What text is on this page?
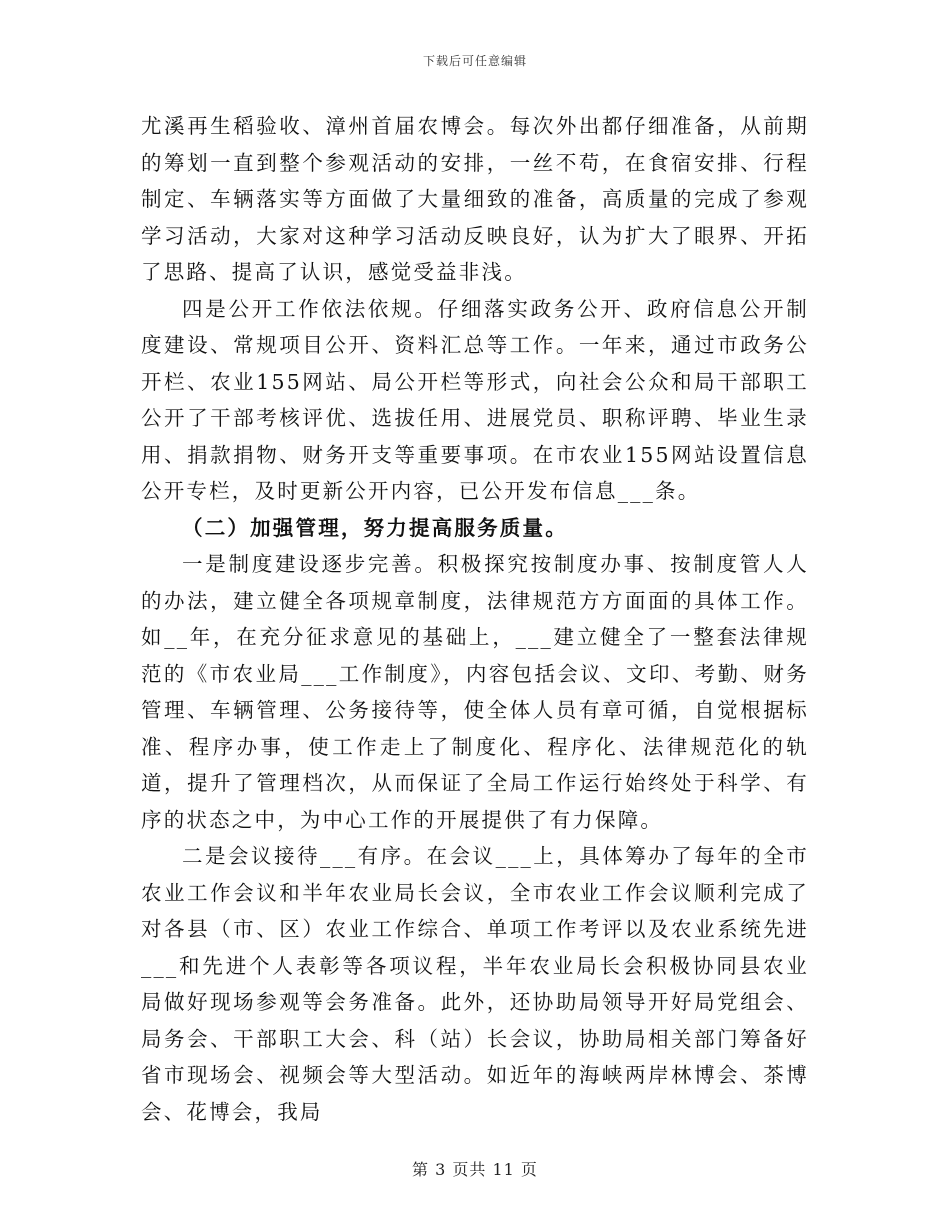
下载后可任意编辑

尤溪再生稻验收、漳州首届农博会。每次外出都仔细准备，从前期的筹划一直到整个参观活动的安排，一丝不苟，在食宿安排、行程制定、车辆落实等方面做了大量细致的准备，高质量的完成了参观学习活动，大家对这种学习活动反映良好，认为扩大了眼界、开拓了思路、提高了认识，感觉受益非浅。

四是公开工作依法依规。仔细落实政务公开、政府信息公开制度建设、常规项目公开、资料汇总等工作。一年来，通过市政务公开栏、农业155网站、局公开栏等形式，向社会公众和局干部职工公开了干部考核评优、选拔任用、进展党员、职称评聘、毕业生录用、捐款捐物、财务开支等重要事项。在市农业155网站设置信息公开专栏，及时更新公开内容，已公开发布信息___条。

（二）加强管理，努力提高服务质量。

一是制度建设逐步完善。积极探究按制度办事、按制度管人人的办法，建立健全各项规章制度，法律规范方方面面的具体工作。如__年，在充分征求意见的基础上，___建立健全了一整套法律规范的《市农业局___工作制度》，内容包括会议、文印、考勤、财务管理、车辆管理、公务接待等，使全体人员有章可循，自觉根据标准、程序办事，使工作走上了制度化、程序化、法律规范化的轨道，提升了管理档次，从而保证了全局工作运行始终处于科学、有序的状态之中，为中心工作的开展提供了有力保障。

二是会议接待___有序。在会议___上，具体筹办了每年的全市农业工作会议和半年农业局长会议，全市农业工作会议顺利完成了对各县（市、区）农业工作综合、单项工作考评以及农业系统先进___和先进个人表彰等各项议程，半年农业局长会积极协同县农业局做好现场参观等会务准备。此外，还协助局领导开好局党组会、局务会、干部职工大会、科（站）长会议，协助局相关部门筹备好省市现场会、视频会等大型活动。如近年的海峡两岸林博会、茶博会、花博会，我局

第 3 页共 11 页
